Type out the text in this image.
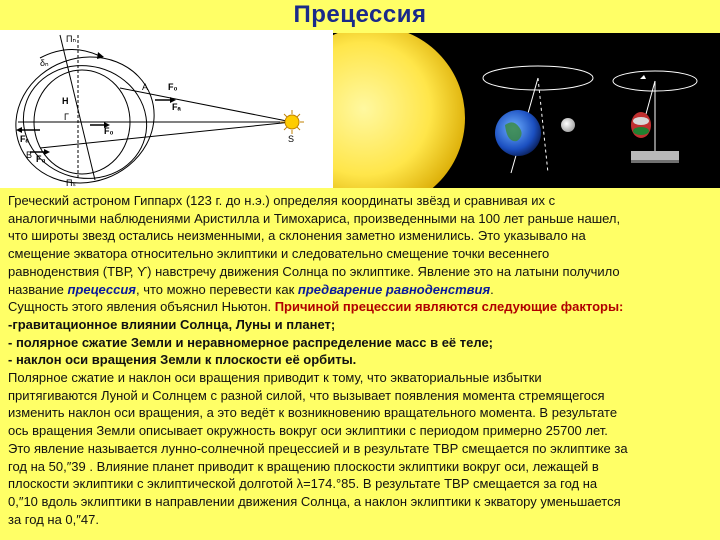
Прецессия
Пₙ
δₙ
F₀
Fₐ
A
H
Г
F₀
Fₐ
F₀
B
Пₛ
S

Греческий астроном Гиппарх (123 г. до н.э.) определяя координаты звёзд и сравнивая их с

аналогичными наблюдениями Аристилла и Тимохариса, произведенными на 100 лет раньше нашел,

что широты звезд остались неизменными, а склонения заметно изменились. Это указывало на

смещение экватора относительно эклиптики и следовательно смещение точки весеннего

равноденствия (ТВР, ϒ) навстречу движения Солнца по эклиптике. Явление это на латыни получило

название прецессия, что можно перевести как предварение равноденствия.

Сущность этого явления объяснил Ньютон. Причиной прецессии являются следующие факторы:

-гравитационное влиянии Солнца, Луны и планет;

- полярное сжатие Земли и неравномерное распределение масс в её теле;

- наклон оси вращения Земли к плоскости её орбиты.

Полярное сжатие и наклон оси вращения приводит к тому, что экваториальные избытки

притягиваются Луной и Солнцем с разной силой, что вызывает появления момента стремящегося

изменить наклон оси вращения, а это ведёт к возникновению вращательного момента. В результате

ось вращения Земли описывает окружность вокруг оси эклиптики с периодом примерно 25700 лет.

Это явление называется лунно-солнечной прецессией и в результате ТВР смещается по эклиптике за

год на 50,″39 . Влияние планет приводит к вращению плоскости эклиптики вокруг оси, лежащей в

плоскости эклиптики с эклиптической долготой λ=174.°85. В результате ТВР смещается за год на

0,″10 вдоль эклиптики в направлении движения Солнца, а наклон эклиптики к экватору уменьшается

за год на 0,″47.
